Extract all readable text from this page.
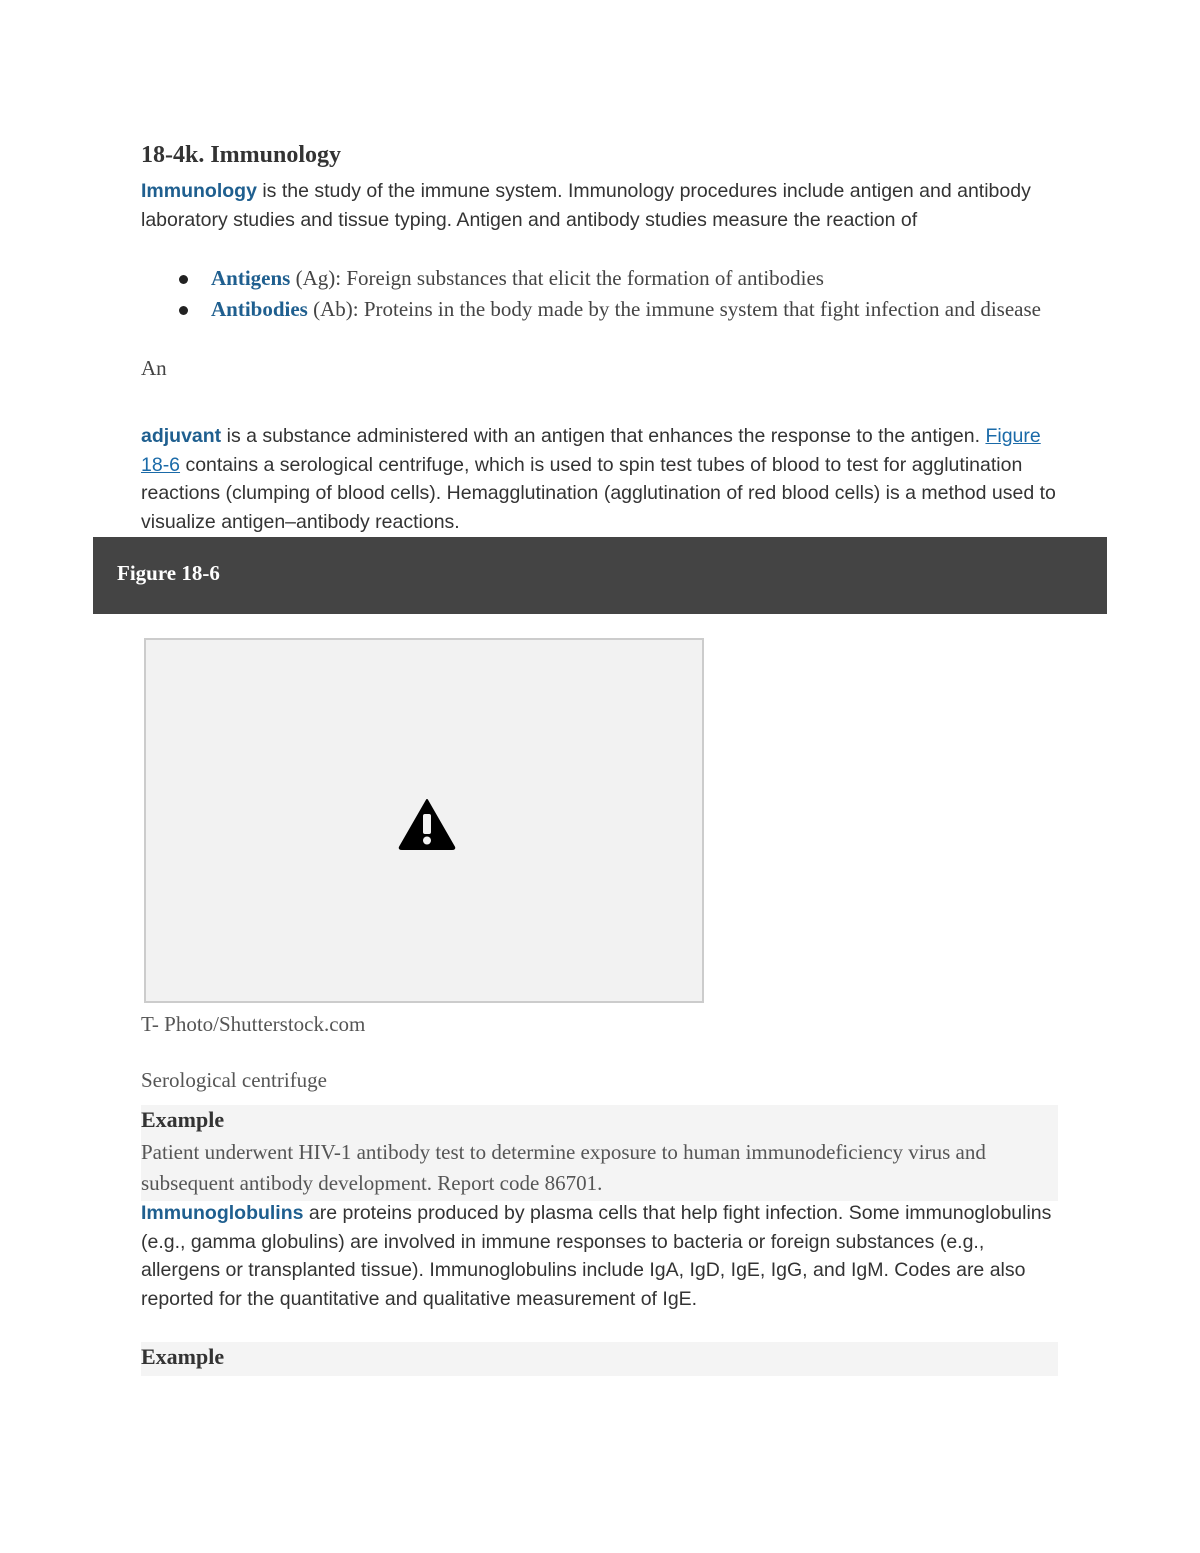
18-4k. Immunology

Immunology is the study of the immune system. Immunology procedures include antigen and antibody laboratory studies and tissue typing. Antigen and antibody studies measure the reaction of

Antigens (Ag): Foreign substances that elicit the formation of antibodies
Antibodies (Ab): Proteins in the body made by the immune system that fight infection and disease

An

adjuvant is a substance administered with an antigen that enhances the response to the antigen. Figure 18-6 contains a serological centrifuge, which is used to spin test tubes of blood to test for agglutination reactions (clumping of blood cells). Hemagglutination (agglutination of red blood cells) is a method used to visualize antigen–antibody reactions.

Figure 18-6

T- Photo/Shutterstock.com

Serological centrifuge

Example
Patient underwent HIV-1 antibody test to determine exposure to human immunodeficiency virus and subsequent antibody development. Report code 86701.

Immunoglobulins are proteins produced by plasma cells that help fight infection. Some immunoglobulins (e.g., gamma globulins) are involved in immune responses to bacteria or foreign substances (e.g., allergens or transplanted tissue). Immunoglobulins include IgA, IgD, IgE, IgG, and IgM. Codes are also reported for the quantitative and qualitative measurement of IgE.

Example
